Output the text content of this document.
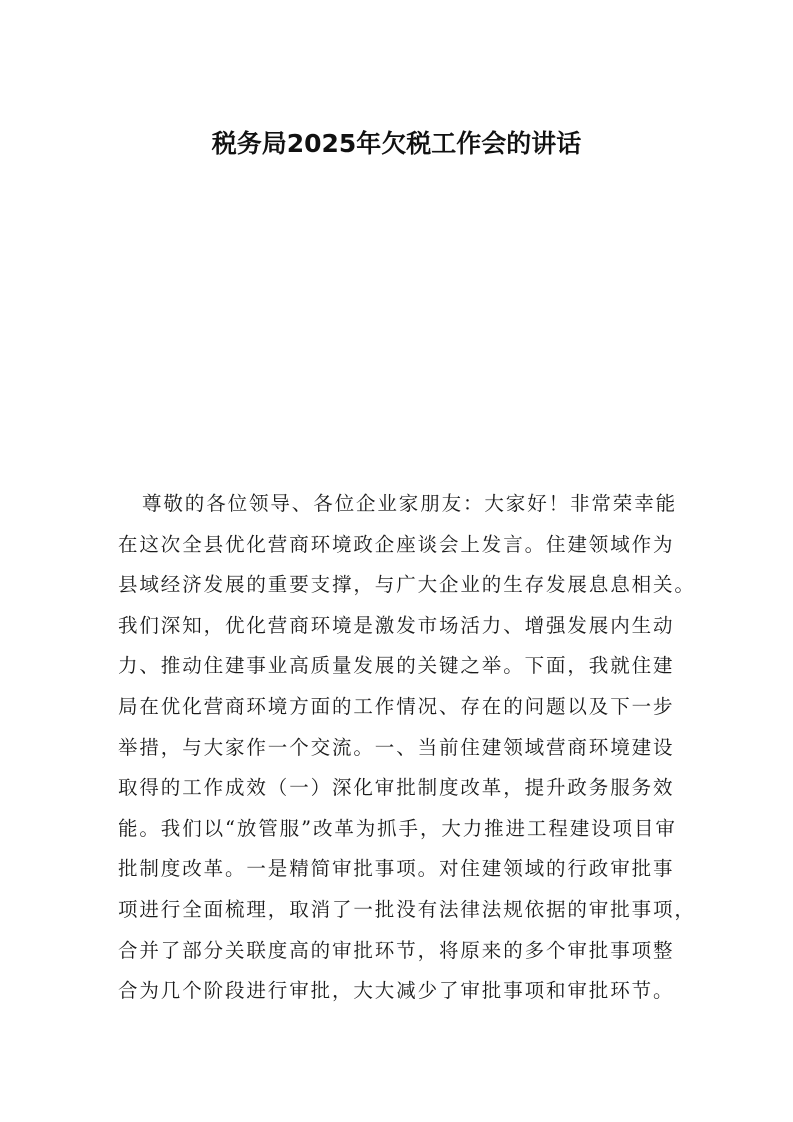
税务局2025年欠税工作会的讲话
尊敬的各位领导、各位企业家朋友：大家好！非常荣幸能
在这次全县优化营商环境政企座谈会上发言。住建领域作为
县域经济发展的重要支撑，与广大企业的生存发展息息相关。
我们深知，优化营商环境是激发市场活力、增强发展内生动
力、推动住建事业高质量发展的关键之举。下面，我就住建
局在优化营商环境方面的工作情况、存在的问题以及下一步
举措，与大家作一个交流。一、当前住建领域营商环境建设
取得的工作成效（一）深化审批制度改革，提升政务服务效
能。我们以“放管服”改革为抓手，大力推进工程建设项目审
批制度改革。一是精简审批事项。对住建领域的行政审批事
项进行全面梳理，取消了一批没有法律法规依据的审批事项，
合并了部分关联度高的审批环节，将原来的多个审批事项整
合为几个阶段进行审批，大大减少了审批事项和审批环节。
